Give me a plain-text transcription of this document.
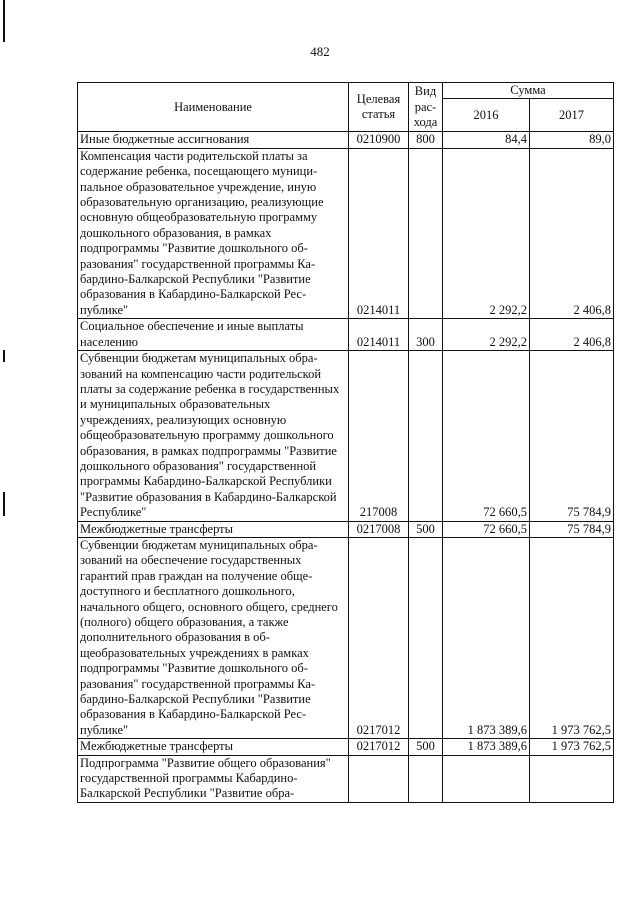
482
Наименование	Целевая статья	Вид расхода	Сумма	
			2016	2017
Иные бюджетные ассигнования	0210900	800	84,4	89,0
Компенсация части родительской платы за содержание ребенка, посещающего муниципальное образовательное учреждение, иную образовательную организацию, реализующие основную общеобразовательную программу дошкольного образования, в рамках подпрограммы "Развитие дошкольного образования" государственной программы Кабардино-Балкарской Республики "Развитие образования в Кабардино-Балкарской Республике"	0214011		2 292,2	2 406,8
Социальное обеспечение и иные выплаты населению	0214011	300	2 292,2	2 406,8
Субвенции бюджетам муниципальных образований на компенсацию части родительской платы за содержание ребенка в государственных и муниципальных образовательных учреждениях, реализующих основную общеобразовательную программу дошкольного образования, в рамках подпрограммы "Развитие дошкольного образования" государственной программы Кабардино-Балкарской Республики "Развитие образования в Кабардино-Балкарской Республике"	217008		72 660,5	75 784,9
Межбюджетные трансферты	0217008	500	72 660,5	75 784,9
Субвенции бюджетам муниципальных образований на обеспечение государственных гарантий прав граждан на получение общедоступного и бесплатного дошкольного, начального общего, основного общего, среднего (полного) общего образования, а также дополнительного образования в общеобразовательных учреждениях в рамках подпрограммы "Развитие дошкольного образования" государственной программы Кабардино-Балкарской Республики "Развитие образования в Кабардино-Балкарской Республике"	0217012		1 873 389,6	1 973 762,5
Межбюджетные трансферты	0217012	500	1 873 389,6	1 973 762,5
Подпрограмма "Развитие общего образования" государственной программы Кабардино-Балкарской Республики "Развитие обра-				
